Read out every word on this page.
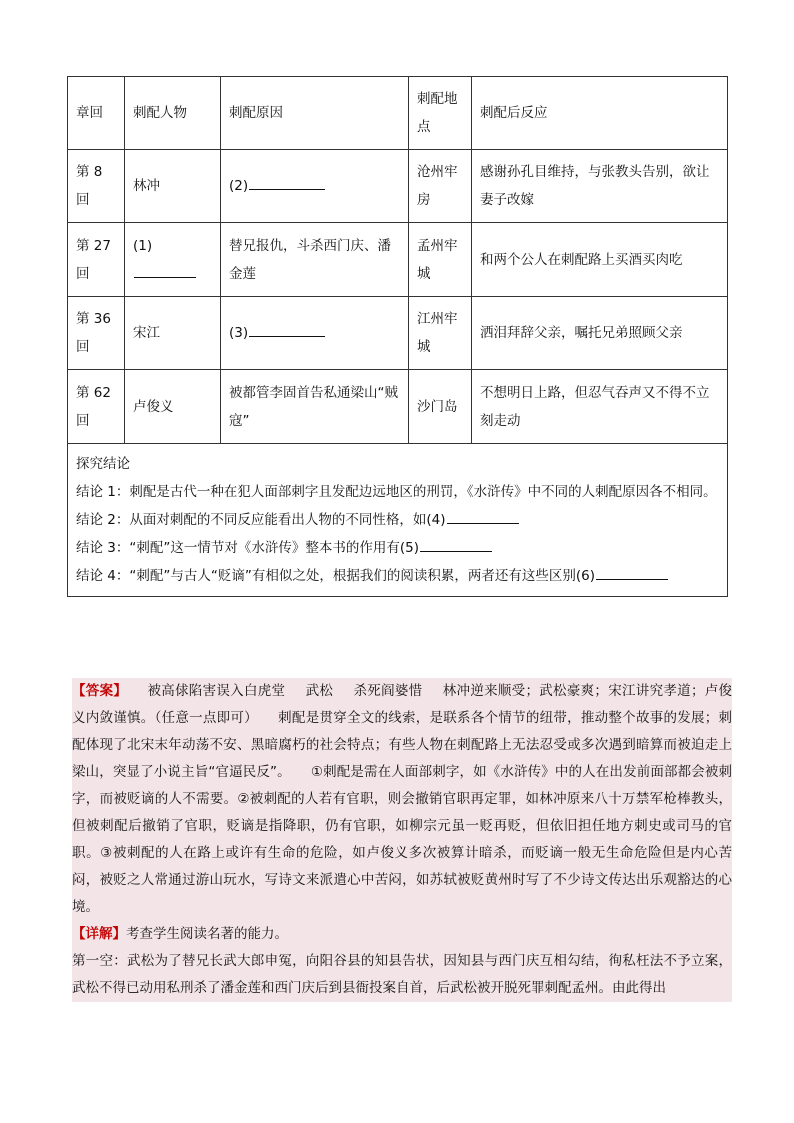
章回	刺配人物	刺配原因	刺配地点	刺配后反应
第 8 回	林冲	(2)	沧州牢房	感谢孙孔目维持，与张教头告别，欲让妻子改嫁
第 27 回	(1)	替兄报仇，斗杀西门庆、潘金莲	孟州牢城	和两个公人在刺配路上买酒买肉吃
第 36 回	宋江	(3)	江州牢城	洒泪拜辞父亲，嘱托兄弟照顾父亲
第 62 回	卢俊义	被都管李固首告私通梁山“贼寇”	沙门岛	不想明日上路，但忍气吞声又不得不立刻走动

探究结论

结论 1：刺配是古代一种在犯人面部刺字且发配边远地区的刑罚，《水浒传》中不同的人刺配原因各不相同。

结论 2：从面对刺配的不同反应能看出人物的不同性格，如(4)

结论 3：“刺配”这一情节对《水浒传》整本书的作用有(5)

结论 4：“刺配”与古人“贬谪”有相似之处，根据我们的阅读积累，两者还有这些区别(6)				

【答案】 被高俅陷害误入白虎堂 武松 杀死阎婆惜 林冲逆来顺受；武松豪爽；宋江讲究孝道；卢俊义内敛谨慎。（任意一点即可） 刺配是贯穿全文的线索，是联系各个情节的纽带，推动整个故事的发展；刺配体现了北宋末年动荡不安、黑暗腐朽的社会特点；有些人物在刺配路上无法忍受或多次遇到暗算而被迫走上梁山，突显了小说主旨“官逼民反”。 ①刺配是需在人面部刺字，如《水浒传》中的人在出发前面部都会被刺字，而被贬谪的人不需要。②被刺配的人若有官职，则会撤销官职再定罪，如林冲原来八十万禁军枪棒教头，但被刺配后撤销了官职，贬谪是指降职，仍有官职，如柳宗元虽一贬再贬，但依旧担任地方刺史或司马的官职。③被刺配的人在路上或许有生命的危险，如卢俊义多次被算计暗杀，而贬谪一般无生命危险但是内心苦闷，被贬之人常通过游山玩水，写诗文来派遣心中苦闷，如苏轼被贬黄州时写了不少诗文传达出乐观豁达的心境。

【详解】考查学生阅读名著的能力。

第一空：武松为了替兄长武大郎申冤，向阳谷县的知县告状，因知县与西门庆互相勾结，徇私枉法不予立案，武松不得已动用私刑杀了潘金莲和西门庆后到县衙投案自首，后武松被开脱死罪刺配孟州。由此得出
